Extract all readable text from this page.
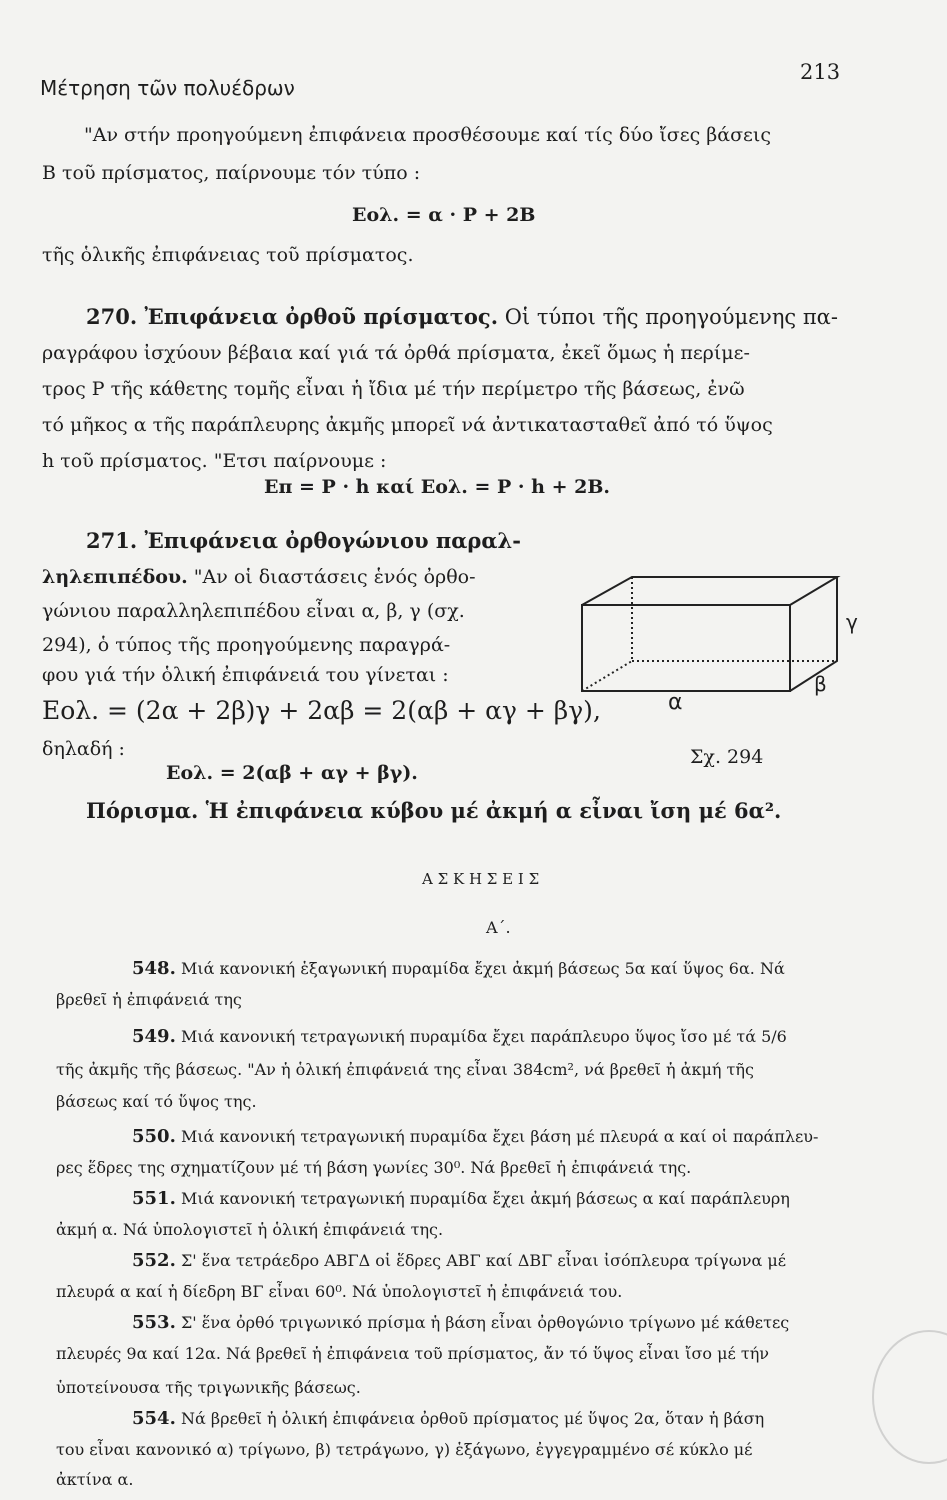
Μέτρηση τῶν πολυέδρων
213
"Αν στήν προηγούμενη ἐπιφάνεια προσθέσουμε καί τίς δύο ἴσες βάσεις
Β τοῦ πρίσματος, παίρνουμε τόν τύπο :
Eολ. = α · P + 2B
τῆς ὁλικῆς ἐπιφάνειας τοῦ πρίσματος.
270. Ἐπιφάνεια ὀρθοῦ πρίσματος. Οἱ τύποι τῆς προηγούμενης πα-
ραγράφου ἰσχύουν βέβαια καί γιά τά ὀρθά πρίσματα, ἐκεῖ ὅμως ἡ περίμε-
τρος P τῆς κάθετης τομῆς εἶναι ἡ ἴδια μέ τήν περίμετρο τῆς βάσεως, ἐνῶ
τό μῆκος α τῆς παράπλευρης ἀκμῆς μπορεῖ νά ἀντικατασταθεῖ ἀπό τό ὕψος
h τοῦ πρίσματος. "Ετσι παίρνουμε :
Eπ = P · h καί Eολ. = P · h + 2B.
271. Ἐπιφάνεια ὀρθογώνιου παραλ-
ληλεπιπέδου. "Αν οἱ διαστάσεις ἑνός ὀρθο-
γώνιου παραλληλεπιπέδου εἶναι α, β, γ (σχ.
294), ὁ τύπος τῆς προηγούμενης παραγρά-
φου γιά τήν ὁλική ἐπιφάνειά του γίνεται :
Eολ. = (2α + 2β)γ + 2αβ = 2(αβ + αγ + βγ),
δηλαδή :
Eολ. = 2(αβ + αγ + βγ).
γ
β
α
Σχ. 294
Πόρισμα. Ἡ ἐπιφάνεια κύβου μέ ἀκμή α εἶναι ἴση μέ 6α².
Α Σ Κ Η Σ Ε Ι Σ
Α΄.
548. Μιά κανονική ἑξαγωνική πυραμίδα ἔχει ἀκμή βάσεως 5α καί ὕψος 6α. Νά
βρεθεῖ ἡ ἐπιφάνειά της
549. Μιά κανονική τετραγωνική πυραμίδα ἔχει παράπλευρο ὕψος ἴσο μέ τά 5/6
τῆς ἀκμῆς τῆς βάσεως. "Αν ἡ ὁλική ἐπιφάνειά της εἶναι 384cm², νά βρεθεῖ ἡ ἀκμή τῆς
βάσεως καί τό ὕψος της.
550. Μιά κανονική τετραγωνική πυραμίδα ἔχει βάση μέ πλευρά α καί οἱ παράπλευ-
ρες ἕδρες της σχηματίζουν μέ τή βάση γωνίες 30⁰. Νά βρεθεῖ ἡ ἐπιφάνειά της.
551. Μιά κανονική τετραγωνική πυραμίδα ἔχει ἀκμή βάσεως α καί παράπλευρη
ἀκμή α. Νά ὑπολογιστεῖ ἡ ὁλική ἐπιφάνειά της.
552. Σ' ἕνα τετράεδρο ΑΒΓΔ οἱ ἕδρες ΑΒΓ καί ΔΒΓ εἶναι ἰσόπλευρα τρίγωνα μέ
πλευρά α καί ἡ δίεδρη ΒΓ εἶναι 60⁰. Νά ὑπολογιστεῖ ἡ ἐπιφάνειά του.
553. Σ' ἕνα ὀρθό τριγωνικό πρίσμα ἡ βάση εἶναι ὀρθογώνιο τρίγωνο μέ κάθετες
πλευρές 9α καί 12α. Νά βρεθεῖ ἡ ἐπιφάνεια τοῦ πρίσματος, ἄν τό ὕψος εἶναι ἴσο μέ τήν
ὑποτείνουσα τῆς τριγωνικῆς βάσεως.
554. Νά βρεθεῖ ἡ ὁλική ἐπιφάνεια ὀρθοῦ πρίσματος μέ ὕψος 2α, ὅταν ἡ βάση
του εἶναι κανονικό α) τρίγωνο, β) τετράγωνο, γ) ἑξάγωνο, ἐγγεγραμμένο σέ κύκλο μέ
ἀκτίνα α.
